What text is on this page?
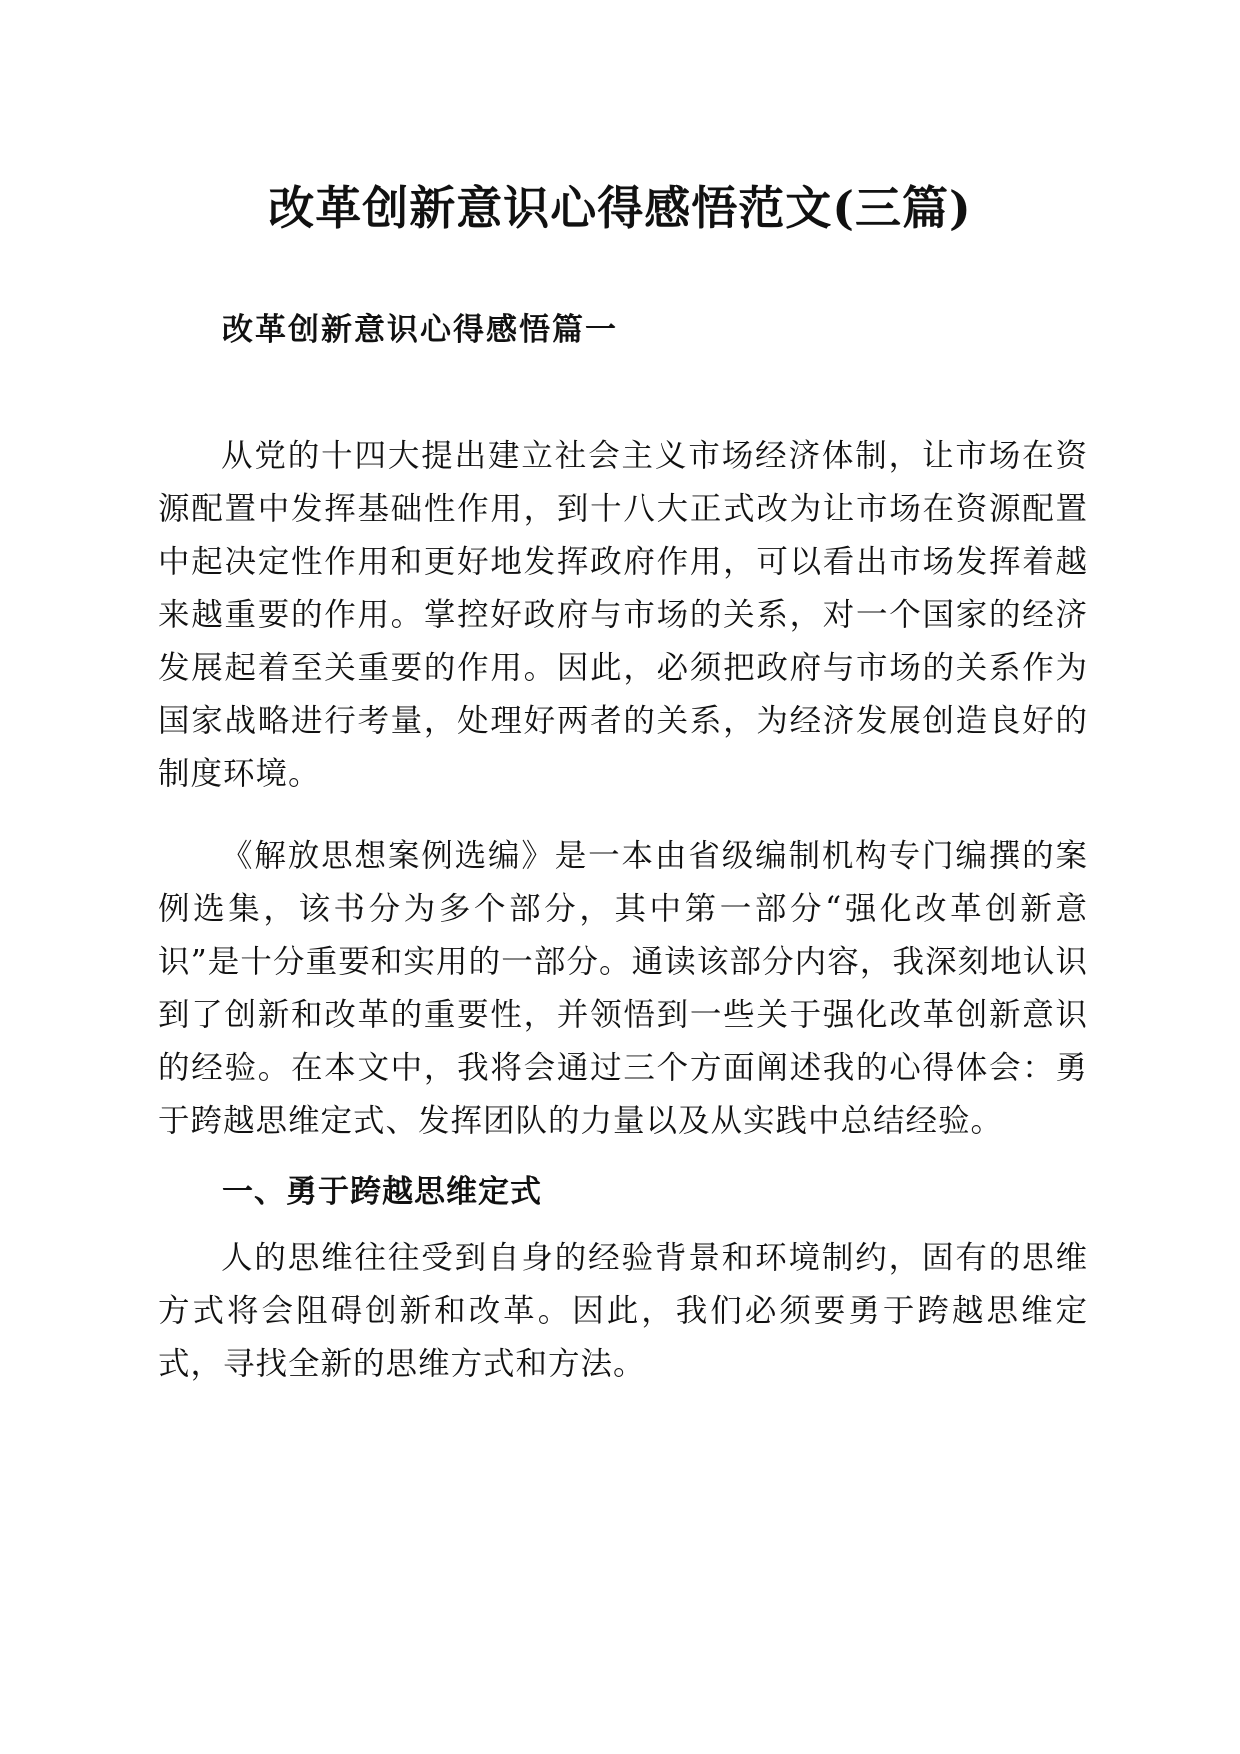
改革创新意识心得感悟范文(三篇)
改革创新意识心得感悟篇一

从党的十四大提出建立社会主义市场经济体制，让市场在资源配置中发挥基础性作用，到十八大正式改为让市场在资源配置中起决定性作用和更好地发挥政府作用，可以看出市场发挥着越来越重要的作用。掌控好政府与市场的关系，对一个国家的经济发展起着至关重要的作用。因此，必须把政府与市场的关系作为国家战略进行考量，处理好两者的关系，为经济发展创造良好的制度环境。

《解放思想案例选编》是一本由省级编制机构专门编撰的案例选集，该书分为多个部分，其中第一部分“强化改革创新意识”是十分重要和实用的一部分。通读该部分内容，我深刻地认识到了创新和改革的重要性，并领悟到一些关于强化改革创新意识的经验。在本文中，我将会通过三个方面阐述我的心得体会：勇于跨越思维定式、发挥团队的力量以及从实践中总结经验。

一、勇于跨越思维定式

人的思维往往受到自身的经验背景和环境制约，固有的思维方式将会阻碍创新和改革。因此，我们必须要勇于跨越思维定式，寻找全新的思维方式和方法。
